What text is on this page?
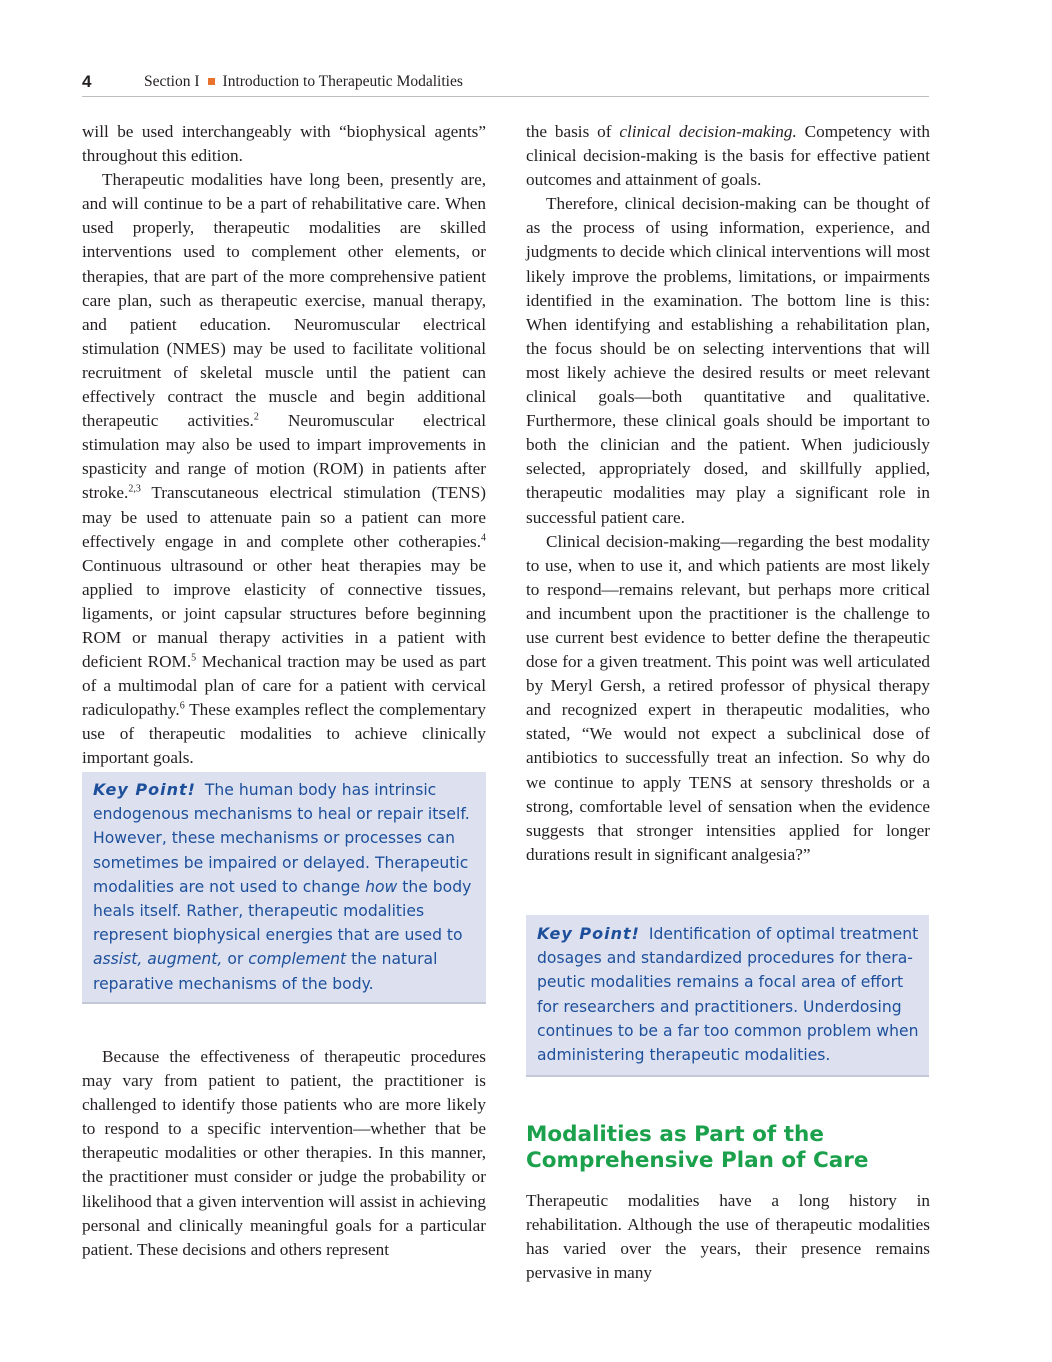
4	Section I Introduction to Therapeutic Modalities

will be used interchangeably with “biophysical agents” throughout this edition.

Therapeutic modalities have long been, presently are, and will continue to be a part of rehabilitative care. When used properly, therapeutic modalities are skilled interventions used to complement other elements, or therapies, that are part of the more comprehensive patient care plan, such as therapeutic exercise, manual therapy, and patient education. Neuromuscular electrical stimulation (NMES) may be used to facilitate volitional recruitment of skeletal muscle until the patient can effectively contract the muscle and begin additional therapeutic activities.$^2$ Neuromuscular electrical stimulation may also be used to impart improvements in spasticity and range of motion (ROM) in patients after stroke.$^{2,3}$ Transcutaneous electrical stimulation (TENS) may be used to attenuate pain so a patient can more effectively engage in and complete other cotherapies.$^4$ Continuous ultrasound or other heat therapies may be applied to improve elasticity of connective tissues, ligaments, or joint capsular structures before beginning ROM or manual therapy activities in a patient with deficient ROM.$^5$ Mechanical traction may be used as part of a multimodal plan of care for a patient with cervical radiculopathy.$^6$ These examples reflect the complementary use of therapeutic modalities to achieve clinically important goals.

Key Point! The human body has intrinsic endogenous mechanisms to heal or repair itself. However, these mechanisms or processes can sometimes be impaired or delayed. Therapeutic modalities are not used to change how the body heals itself. Rather, therapeutic modalities represent biophysical energies that are used to assist, augment, or complement the natural reparative mechanisms of the body.

Because the effectiveness of therapeutic procedures may vary from patient to patient, the practitioner is challenged to identify those patients who are more likely to respond to a specific intervention—whether that be therapeutic modalities or other therapies. In this manner, the practitioner must consider or judge the probability or likelihood that a given intervention will assist in achieving personal and clinically meaningful goals for a particular patient. These decisions and others represent

the basis of clinical decision-making. Competency with clinical decision-making is the basis for effective patient outcomes and attainment of goals.

Therefore, clinical decision-making can be thought of as the process of using information, experience, and judgments to decide which clinical interventions will most likely improve the problems, limitations, or impairments identified in the examination. The bottom line is this: When identifying and establishing a rehabilitation plan, the focus should be on selecting interventions that will most likely achieve the desired results or meet relevant clinical goals—both quantitative and qualitative. Furthermore, these clinical goals should be important to both the clinician and the patient. When judiciously selected, appropriately dosed, and skillfully applied, therapeutic modalities may play a significant role in successful patient care.

Clinical decision-making—regarding the best modality to use, when to use it, and which patients are most likely to respond—remains relevant, but perhaps more critical and incumbent upon the practitioner is the challenge to use current best evidence to better define the therapeutic dose for a given treatment. This point was well articulated by Meryl Gersh, a retired professor of physical therapy and recognized expert in therapeutic modalities, who stated, “We would not expect a subclinical dose of antibiotics to successfully treat an infection. So why do we continue to apply TENS at sensory thresholds or a strong, comfortable level of sensation when the evidence suggests that stronger intensities applied for longer durations result in significant analgesia?”

Key Point! Identification of optimal treatment dosages and standardized procedures for therapeutic modalities remains a focal area of effort for researchers and practitioners. Underdosing continues to be a far too common problem when administering therapeutic modalities.
Modalities as Part of the
Comprehensive Plan of Care

Therapeutic modalities have a long history in rehabilitation. Although the use of therapeutic modalities has varied over the years, their presence remains pervasive in many
